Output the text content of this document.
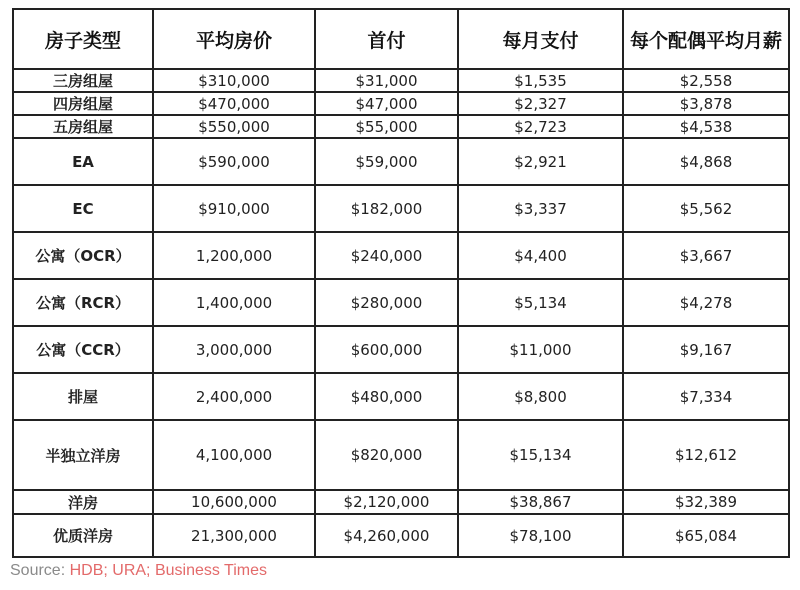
房子类型	平均房价	首付	每月支付	每个配偶平均月薪
三房组屋	$310,000	$31,000	$1,535	$2,558
四房组屋	$470,000	$47,000	$2,327	$3,878
五房组屋	$550,000	$55,000	$2,723	$4,538
EA	$590,000	$59,000	$2,921	$4,868
EC	$910,000	$182,000	$3,337	$5,562
公寓（OCR）	1,200,000	$240,000	$4,400	$3,667
公寓（RCR）	1,400,000	$280,000	$5,134	$4,278
公寓（CCR）	3,000,000	$600,000	$11,000	$9,167
排屋	2,400,000	$480,000	$8,800	$7,334
半独立洋房	4,100,000	$820,000	$15,134	$12,612
洋房	10,600,000	$2,120,000	$38,867	$32,389
优质洋房	21,300,000	$4,260,000	$78,100	$65,084
Source: HDB; URA; Business Times
